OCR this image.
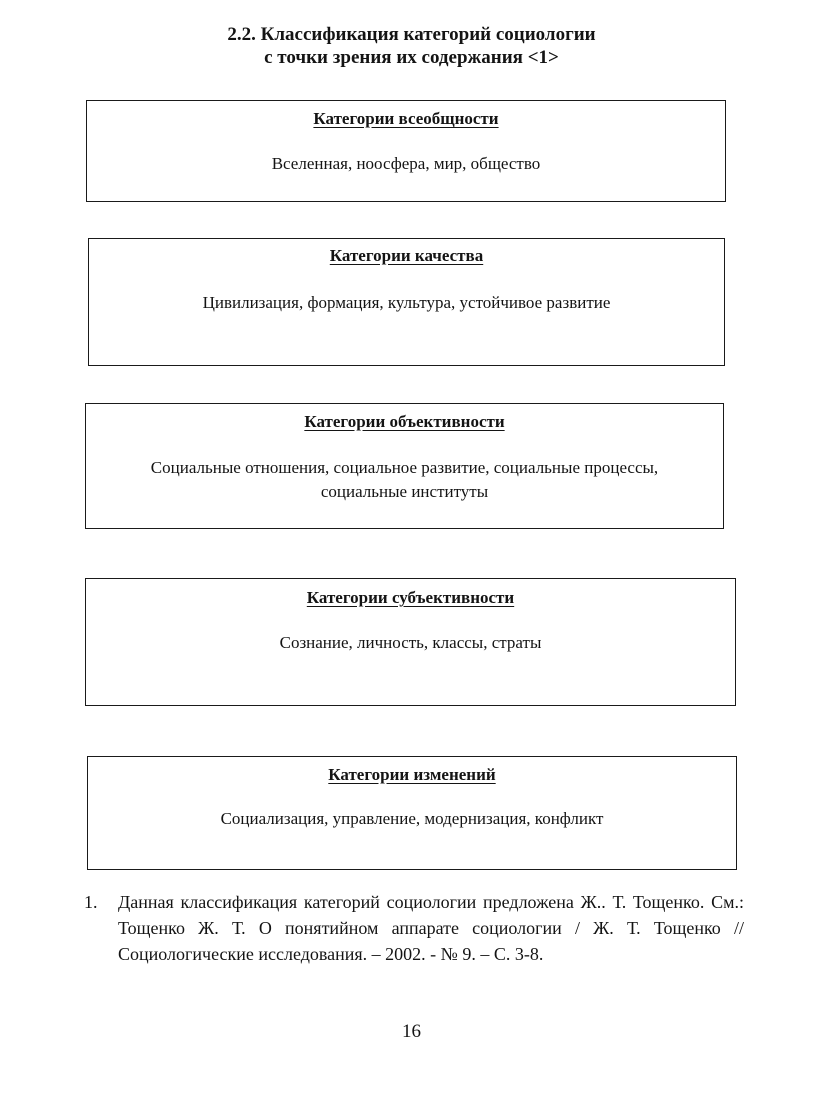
2.2. Классификация категорий социологии
с точки зрения их содержания <1>
Категории всеобщности
Вселенная, ноосфера, мир, общество
Категории качества
Цивилизация, формация, культура, устойчивое развитие
Категории объективности
Социальные отношения, социальное развитие, социальные процессы,
социальные институты
Категории субъективности
Сознание, личность, классы, страты
Категории изменений
Социализация, управление, модернизация, конфликт
1. Данная классификация категорий социологии предложена Ж.. Т. Тощенко. См.: Тощенко Ж. Т. О понятийном аппарате социологии / Ж. Т. Тощенко // Социологические исследования. – 2002. - № 9. – С. 3-8.
16
